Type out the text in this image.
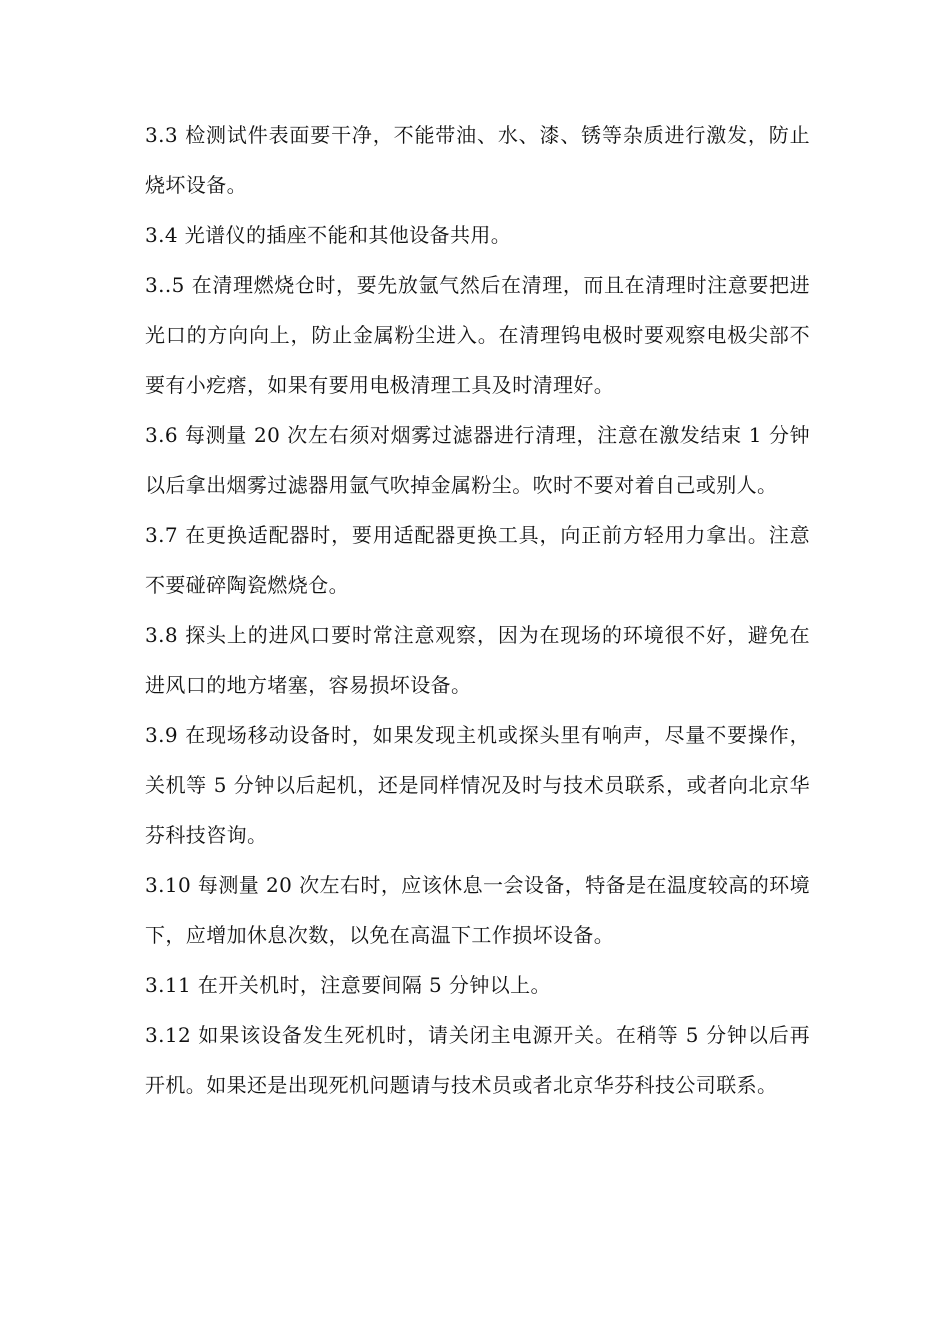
3.3 检测试件表面要干净，不能带油、水、漆、锈等杂质进行激发，防止烧坏设备。

3.4 光谱仪的插座不能和其他设备共用。

3..5 在清理燃烧仓时，要先放氩气然后在清理，而且在清理时注意要把进光口的方向向上，防止金属粉尘进入。在清理钨电极时要观察电极尖部不要有小疙瘩，如果有要用电极清理工具及时清理好。

3.6 每测量 20 次左右须对烟雾过滤器进行清理，注意在激发结束 1 分钟以后拿出烟雾过滤器用氩气吹掉金属粉尘。吹时不要对着自己或别人。

3.7 在更换适配器时，要用适配器更换工具，向正前方轻用力拿出。注意不要碰碎陶瓷燃烧仓。

3.8 探头上的进风口要时常注意观察，因为在现场的环境很不好，避免在进风口的地方堵塞，容易损坏设备。

3.9 在现场移动设备时，如果发现主机或探头里有响声，尽量不要操作，关机等 5 分钟以后起机，还是同样情况及时与技术员联系，或者向北京华芬科技咨询。

3.10 每测量 20 次左右时，应该休息一会设备，特备是在温度较高的环境下，应增加休息次数，以免在高温下工作损坏设备。

3.11 在开关机时，注意要间隔 5 分钟以上。

3.12 如果该设备发生死机时，请关闭主电源开关。在稍等 5 分钟以后再开机。如果还是出现死机问题请与技术员或者北京华芬科技公司联系。
